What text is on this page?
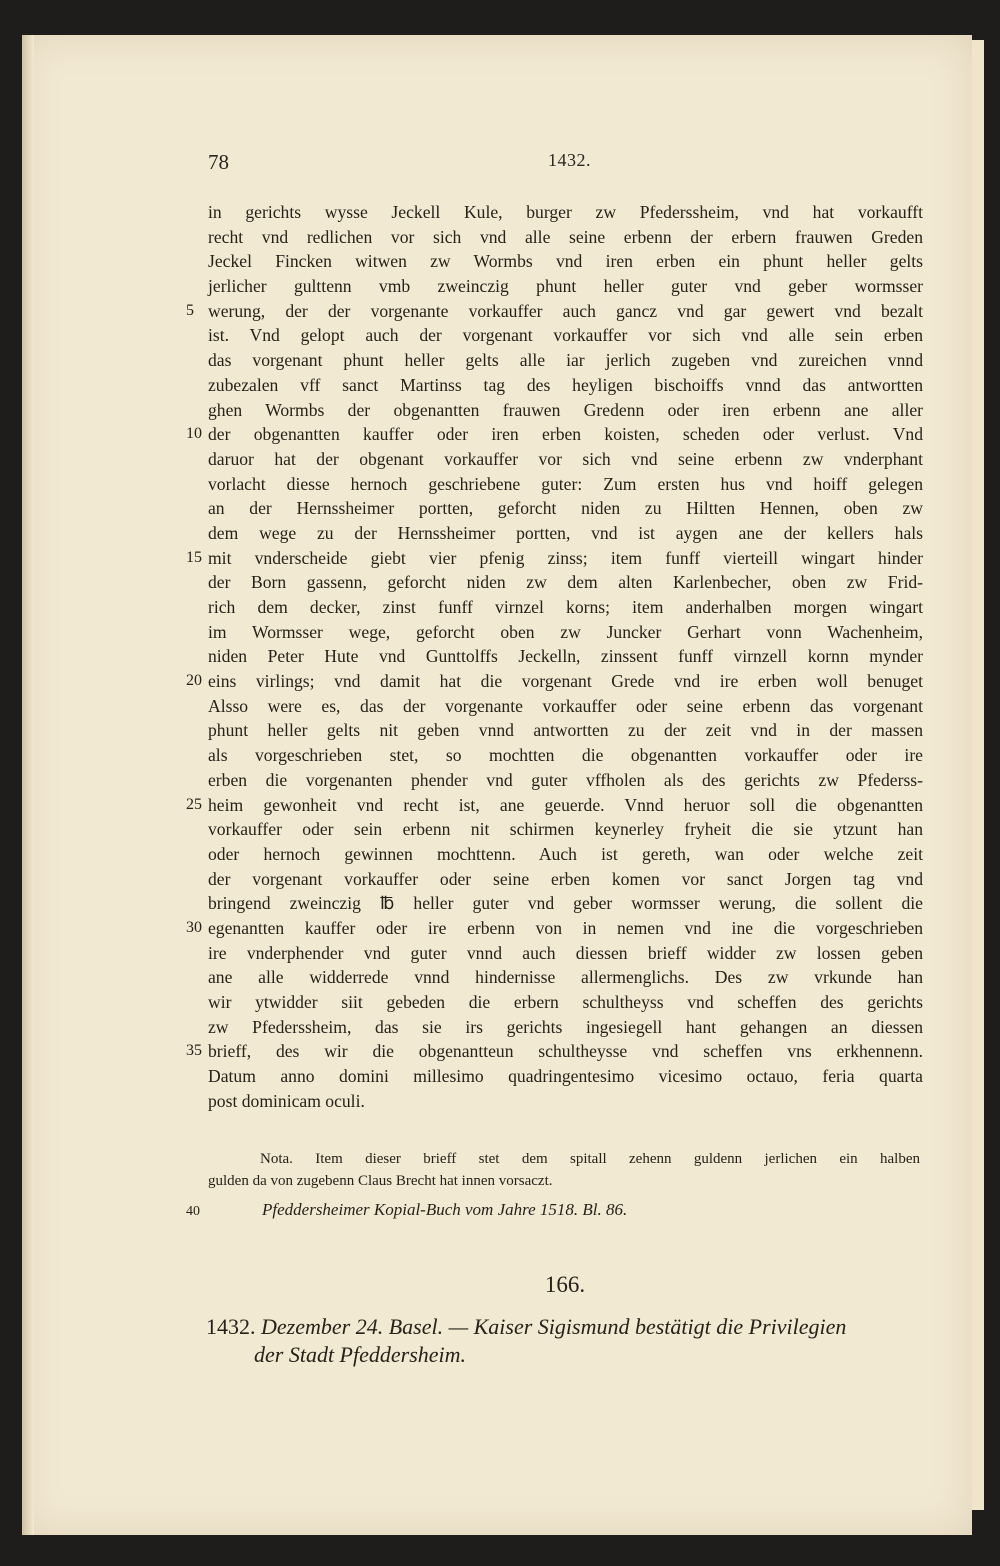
78	1432.
in gerichts wysse Jeckell Kule, burger zw Pfederssheim, vnd hat vorkaufft
recht vnd redlichen vor sich vnd alle seine erbenn der erbern frauwen Greden
Jeckel Fincken witwen zw Wormbs vnd iren erben ein phunt heller gelts
jerlicher gulttenn vmb zweinczig phunt heller guter vnd geber wormsser
5 werung, der der vorgenante vorkauffer auch gancz vnd gar gewert vnd bezalt
ist. Vnd gelopt auch der vorgenant vorkauffer vor sich vnd alle sein erben
das vorgenant phunt heller gelts alle iar jerlich zugeben vnd zureichen vnnd
zubezalen vff sanct Martinss tag des heyligen bischoiffs vnnd das antwortten
ghen Wormbs der obgenantten frauwen Gredenn oder iren erbenn ane aller
10 der obgenantten kauffer oder iren erben koisten, scheden oder verlust. Vnd
daruor hat der obgenant vorkauffer vor sich vnd seine erbenn zw vnderphant
vorlacht diesse hernoch geschriebene guter: Zum ersten hus vnd hoiff gelegen
an der Hernssheimer portten, geforcht niden zu Hiltten Hennen, oben zw
dem wege zu der Hernssheimer portten, vnd ist aygen ane der kellers hals
15 mit vnderscheide giebt vier pfenig zinss; item funff vierteill wingart hinder
der Born gassenn, geforcht niden zw dem alten Karlenbecher, oben zw Frid-
rich dem decker, zinst funff virnzel korns; item anderhalben morgen wingart
im Wormsser wege, geforcht oben zw Juncker Gerhart vonn Wachenheim,
niden Peter Hute vnd Gunttolffs Jeckelln, zinssent funff virnzell kornn mynder
20 eins virlings; vnd damit hat die vorgenant Grede vnd ire erben woll benuget
Alsso were es, das der vorgenante vorkauffer oder seine erbenn das vorgenant
phunt heller gelts nit geben vnnd antwortten zu der zeit vnd in der massen
als vorgeschrieben stet, so mochtten die obgenantten vorkauffer oder ire
erben die vorgenanten phender vnd guter vffholen als des gerichts zw Pfederss-
25 heim gewonheit vnd recht ist, ane geuerde. Vnnd heruor soll die obgenantten
vorkauffer oder sein erbenn nit schirmen keynerley fryheit die sie ytzunt han
oder hernoch gewinnen mochttenn. Auch ist gereth, wan oder welche zeit
der vorgenant vorkauffer oder seine erben komen vor sanct Jorgen tag vnd
bringend zweinczig ℔ heller guter vnd geber wormsser werung, die sollent die
30 egenantten kauffer oder ire erbenn von in nemen vnd ine die vorgeschrieben
ire vnderphender vnd guter vnnd auch diessen brieff widder zw lossen geben
ane alle widderrede vnnd hindernisse allermenglichs. Des zw vrkunde han
wir ytwidder siit gebeden die erbern schultheyss vnd scheffen des gerichts
zw Pfederssheim, das sie irs gerichts ingesiegell hant gehangen an diessen
35 brieff, des wir die obgenantteun schultheysse vnd scheffen vns erkhennenn.
Datum anno domini millesimo quadringentesimo vicesimo octauo, feria quarta
post dominicam oculi.
Nota. Item dieser brieff stet dem spitall zehenn guldenn jerlichen ein halben
gulden da von zugebenn Claus Brecht hat innen vorsaczt.
40	Pfeddersheimer Kopial-Buch vom Jahre 1518. Bl. 86.
166.
1432. Dezember 24. Basel. — Kaiser Sigismund bestätigt die Privilegien
der Stadt Pfeddersheim.
